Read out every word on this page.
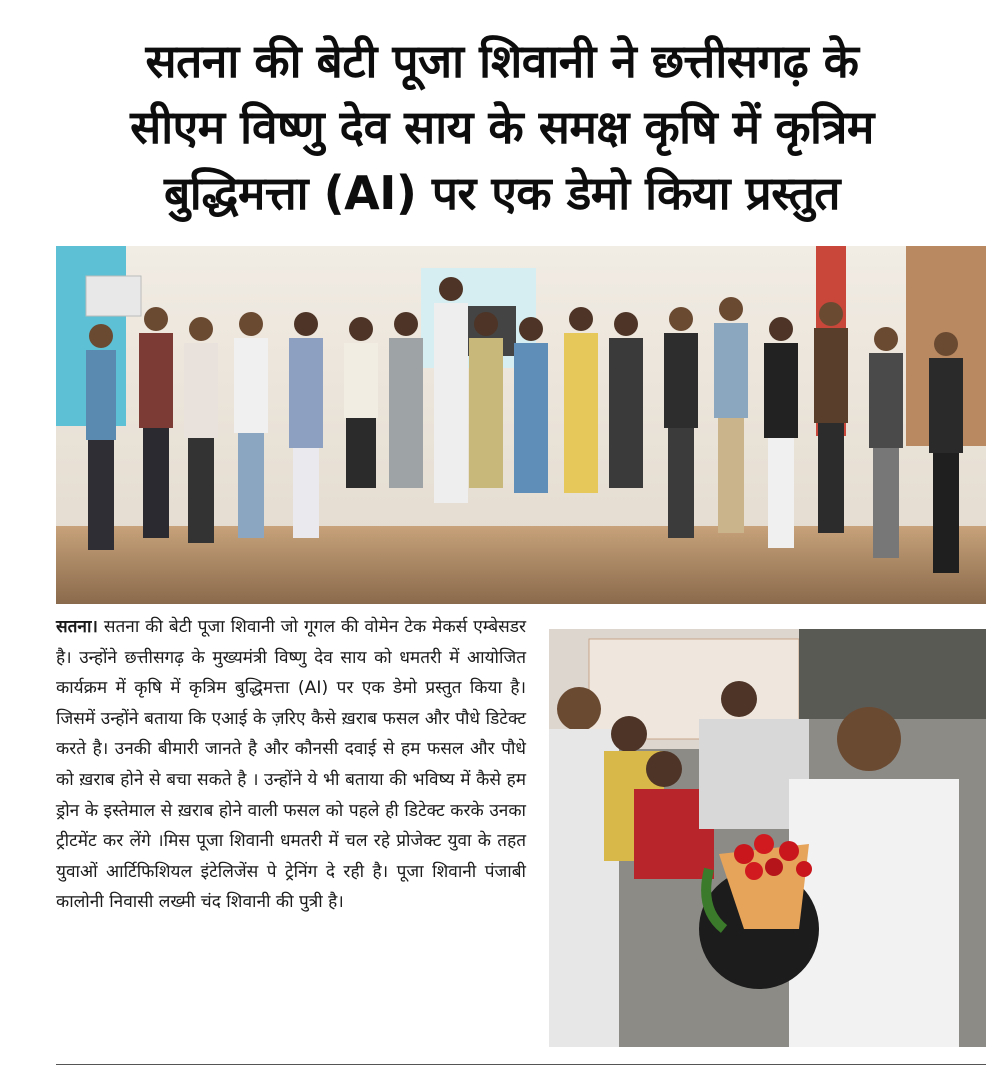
सतना की बेटी पूजा शिवानी ने छत्तीसगढ़ के
सीएम विष्णु देव साय के समक्ष कृषि में कृत्रिम
बुद्धिमत्ता (AI) पर एक डेमो किया प्रस्तुत

सतना। सतना की बेटी पूजा शिवानी जो गूगल की वोमेन टेक मेकर्स एम्बेसडर है। उन्होंने छत्तीसगढ़ के मुख्यमंत्री विष्णु देव साय को धमतरी में आयोजित कार्यक्रम में कृषि में कृत्रिम बुद्धिमत्ता (AI) पर एक डेमो प्रस्तुत किया है। जिसमें उन्होंने बताया कि एआई के ज़रिए कैसे ख़राब फसल और पौधे डिटेक्ट करते है। उनकी बीमारी जानते है और कौनसी दवाई से हम फसल और पौधे को ख़राब होने से बचा सकते है । उन्होंने ये भी बताया की भविष्य में कैसे हम ड्रोन के इस्तेमाल से ख़राब होने वाली फसल को पहले ही डिटेक्ट करके उनका ट्रीटमेंट कर लेंगे ।मिस पूजा शिवानी धमतरी में चल रहे प्रोजेक्ट युवा के तहत युवाओं आर्टिफिशियल इंटेलिजेंस पे ट्रेनिंग दे रही है। पूजा शिवानी पंजाबी कालोनी निवासी लख्मी चंद शिवानी की पुत्री है।
